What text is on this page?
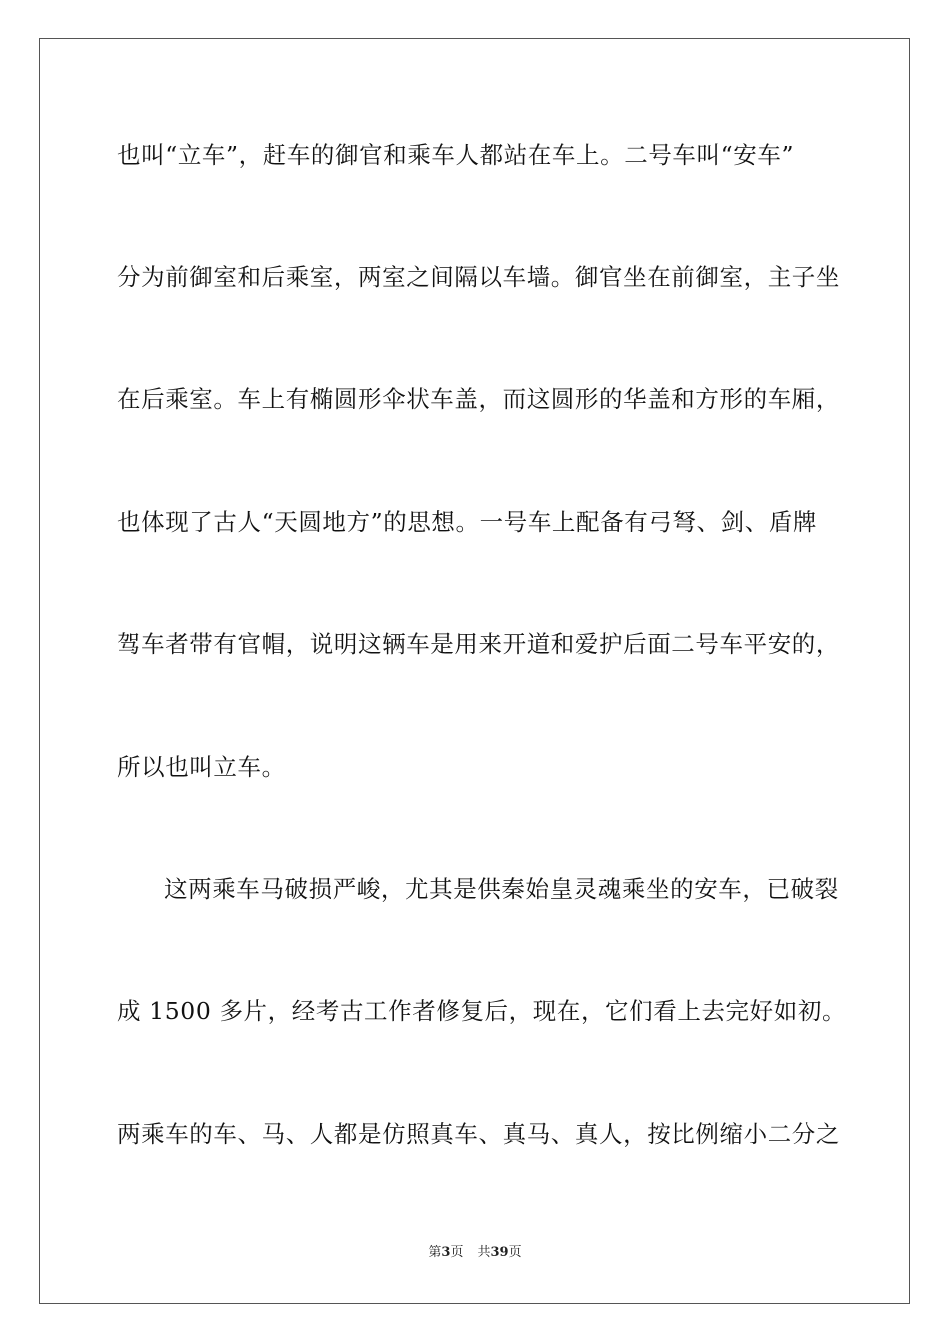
也叫“立车”，赶车的御官和乘车人都站在车上。二号车叫“安车”
分为前御室和后乘室，两室之间隔以车墙。御官坐在前御室，主子坐
在后乘室。车上有椭圆形伞状车盖，而这圆形的华盖和方形的车厢，
也体现了古人“天圆地方”的思想。一号车上配备有弓弩、剑、盾牌
驾车者带有官帽，说明这辆车是用来开道和爱护后面二号车平安的，
所以也叫立车。
这两乘车马破损严峻，尤其是供秦始皇灵魂乘坐的安车，已破裂
成 1500 多片，经考古工作者修复后，现在，它们看上去完好如初。
两乘车的车、马、人都是仿照真车、真马、真人，按比例缩小二分之
第3页 共39页
